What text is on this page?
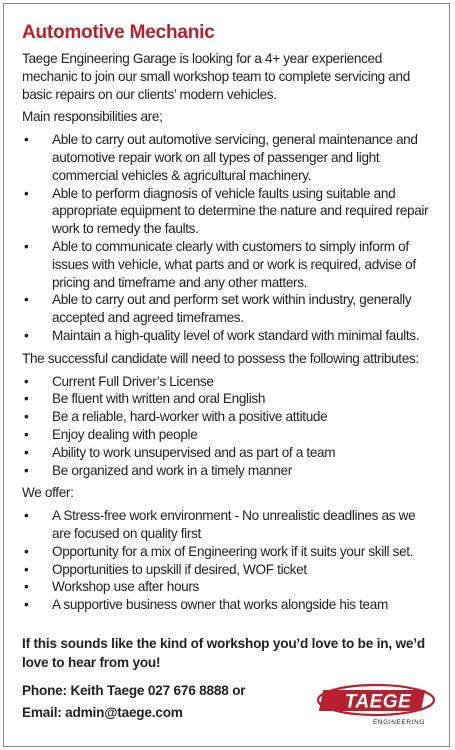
Automotive Mechanic

Taege Engineering Garage is looking for a 4+ year experienced mechanic to join our small workshop team to complete servicing and basic repairs on our clients’ modern vehicles.

Main responsibilities are;

• Able to carry out automotive servicing, general maintenance and automotive repair work on all types of passenger and light commercial vehicles & agricultural machinery.
• Able to perform diagnosis of vehicle faults using suitable and appropriate equipment to determine the nature and required repair work to remedy the faults.
• Able to communicate clearly with customers to simply inform of issues with vehicle, what parts and or work is required, advise of pricing and timeframe and any other matters.
• Able to carry out and perform set work within industry, generally accepted and agreed timeframes.
• Maintain a high-quality level of work standard with minimal faults.

The successful candidate will need to possess the following attributes:

• Current Full Driver’s License
• Be fluent with written and oral English
• Be a reliable, hard-worker with a positive attitude
• Enjoy dealing with people
• Ability to work unsupervised and as part of a team
• Be organized and work in a timely manner

We offer:

• A Stress-free work environment - No unrealistic deadlines as we are focused on quality first
• Opportunity for a mix of Engineering work if it suits your skill set.
• Opportunities to upskill if desired, WOF ticket
• Workshop use after hours
• A supportive business owner that works alongside his team
If this sounds like the kind of workshop you’d love to be in, we’d love to hear from you!
Phone: Keith Taege 027 676 8888 or
Email: admin@taege.com	TAEGE
ENGINEERING
